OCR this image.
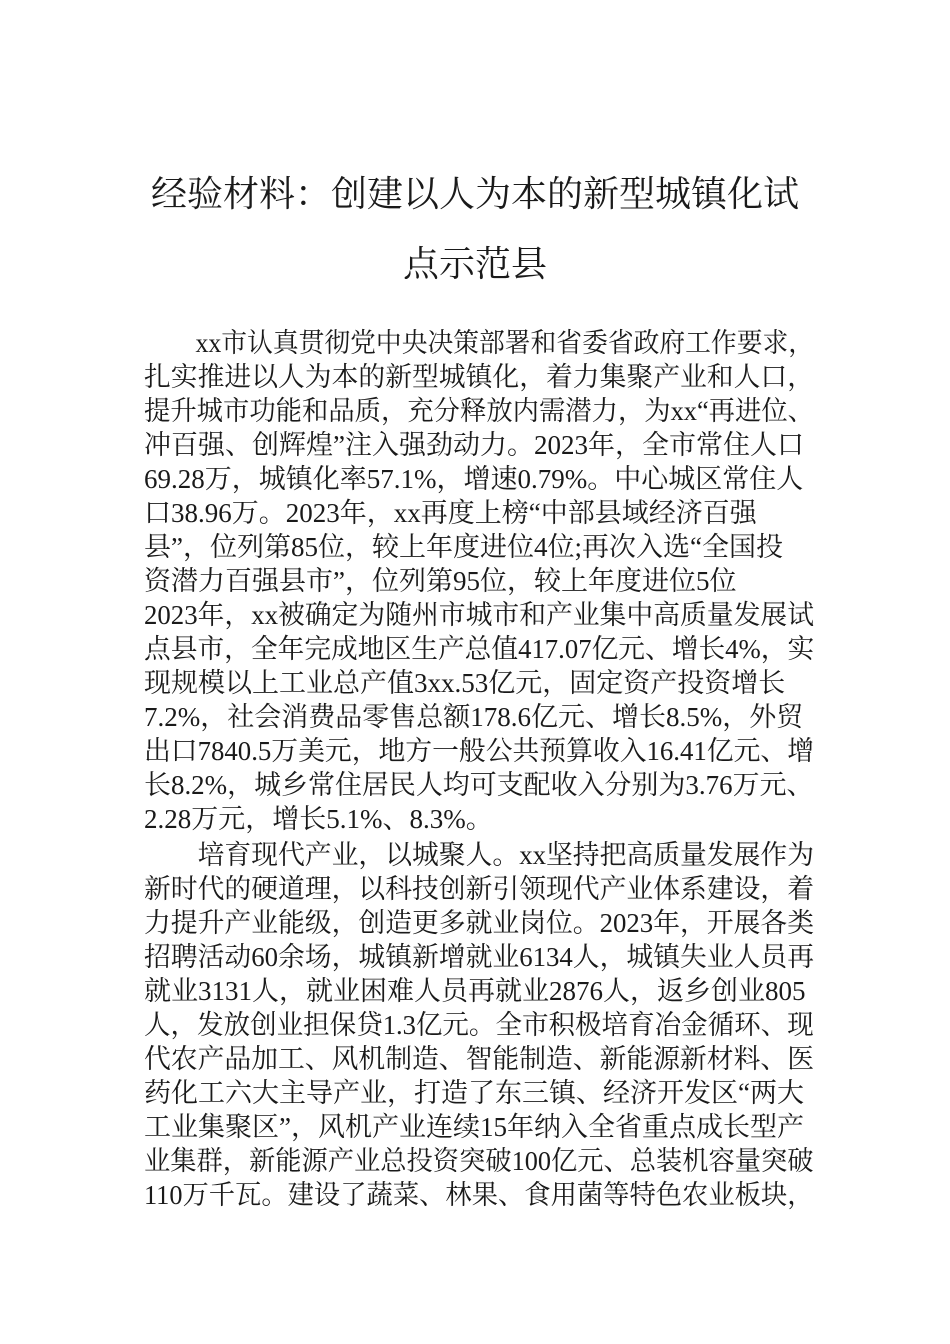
经验材料：创建以人为本的新型城镇化试
点示范县
　　xx市认真贯彻党中央决策部署和省委省政府工作要求，
扎实推进以人为本的新型城镇化，着力集聚产业和人口，
提升城市功能和品质，充分释放内需潜力，为xx“再进位、
冲百强、创辉煌”注入强劲动力。2023年，全市常住人口
69.28万，城镇化率57.1%，增速0.79%。中心城区常住人
口38.96万。2023年，xx再度上榜“中部县域经济百强
县”，位列第85位，较上年度进位4位;再次入选“全国投
资潜力百强县市”，位列第95位，较上年度进位5位
2023年，xx被确定为随州市城市和产业集中高质量发展试
点县市，全年完成地区生产总值417.07亿元、增长4%，实
现规模以上工业总产值3xx.53亿元，固定资产投资增长
7.2%，社会消费品零售总额178.6亿元、增长8.5%，外贸
出口7840.5万美元，地方一般公共预算收入16.41亿元、增
长8.2%，城乡常住居民人均可支配收入分别为3.76万元、
2.28万元，增长5.1%、8.3%。
　　培育现代产业，以城聚人。xx坚持把高质量发展作为
新时代的硬道理，以科技创新引领现代产业体系建设，着
力提升产业能级，创造更多就业岗位。2023年，开展各类
招聘活动60余场，城镇新增就业6134人，城镇失业人员再
就业3131人，就业困难人员再就业2876人，返乡创业805
人，发放创业担保贷1.3亿元。全市积极培育冶金循环、现
代农产品加工、风机制造、智能制造、新能源新材料、医
药化工六大主导产业，打造了东三镇、经济开发区“两大
工业集聚区”，风机产业连续15年纳入全省重点成长型产
业集群，新能源产业总投资突破100亿元、总装机容量突破
110万千瓦。建设了蔬菜、林果、食用菌等特色农业板块，
